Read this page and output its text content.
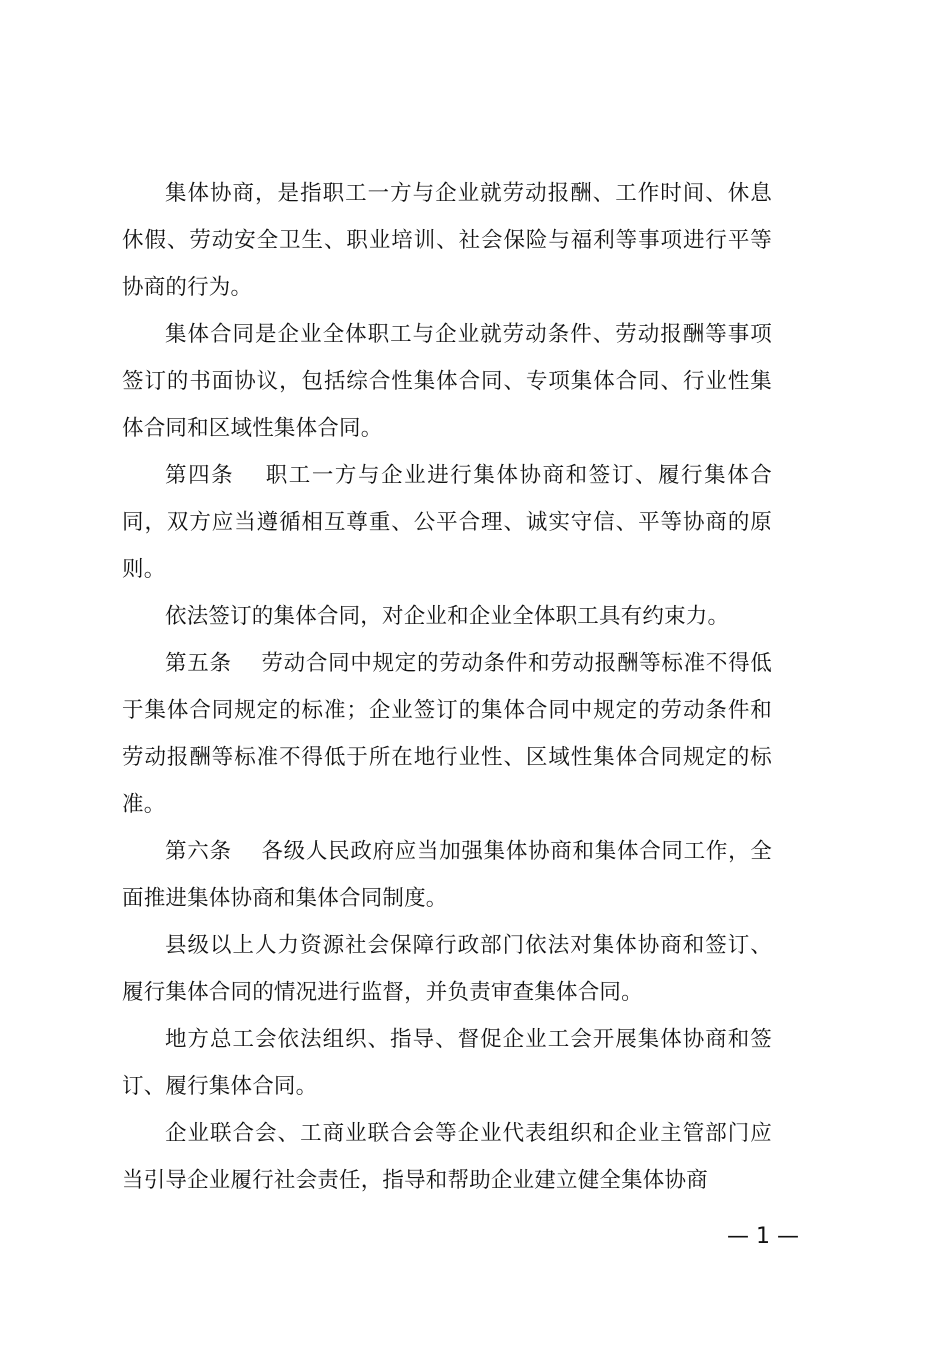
集体协商，是指职工一方与企业就劳动报酬、工作时间、休息休假、劳动安全卫生、职业培训、社会保险与福利等事项进行平等协商的行为。

集体合同是企业全体职工与企业就劳动条件、劳动报酬等事项签订的书面协议，包括综合性集体合同、专项集体合同、行业性集体合同和区域性集体合同。

第四条　 职工一方与企业进行集体协商和签订、履行集体合同，双方应当遵循相互尊重、公平合理、诚实守信、平等协商的原则。

依法签订的集体合同，对企业和企业全体职工具有约束力。

第五条　 劳动合同中规定的劳动条件和劳动报酬等标准不得低于集体合同规定的标准；企业签订的集体合同中规定的劳动条件和劳动报酬等标准不得低于所在地行业性、区域性集体合同规定的标准。

第六条　 各级人民政府应当加强集体协商和集体合同工作，全面推进集体协商和集体合同制度。

县级以上人力资源社会保障行政部门依法对集体协商和签订、履行集体合同的情况进行监督，并负责审查集体合同。

地方总工会依法组织、指导、督促企业工会开展集体协商和签订、履行集体合同。

企业联合会、工商业联合会等企业代表组织和企业主管部门应当引导企业履行社会责任，指导和帮助企业建立健全集体协商

— 1 —
